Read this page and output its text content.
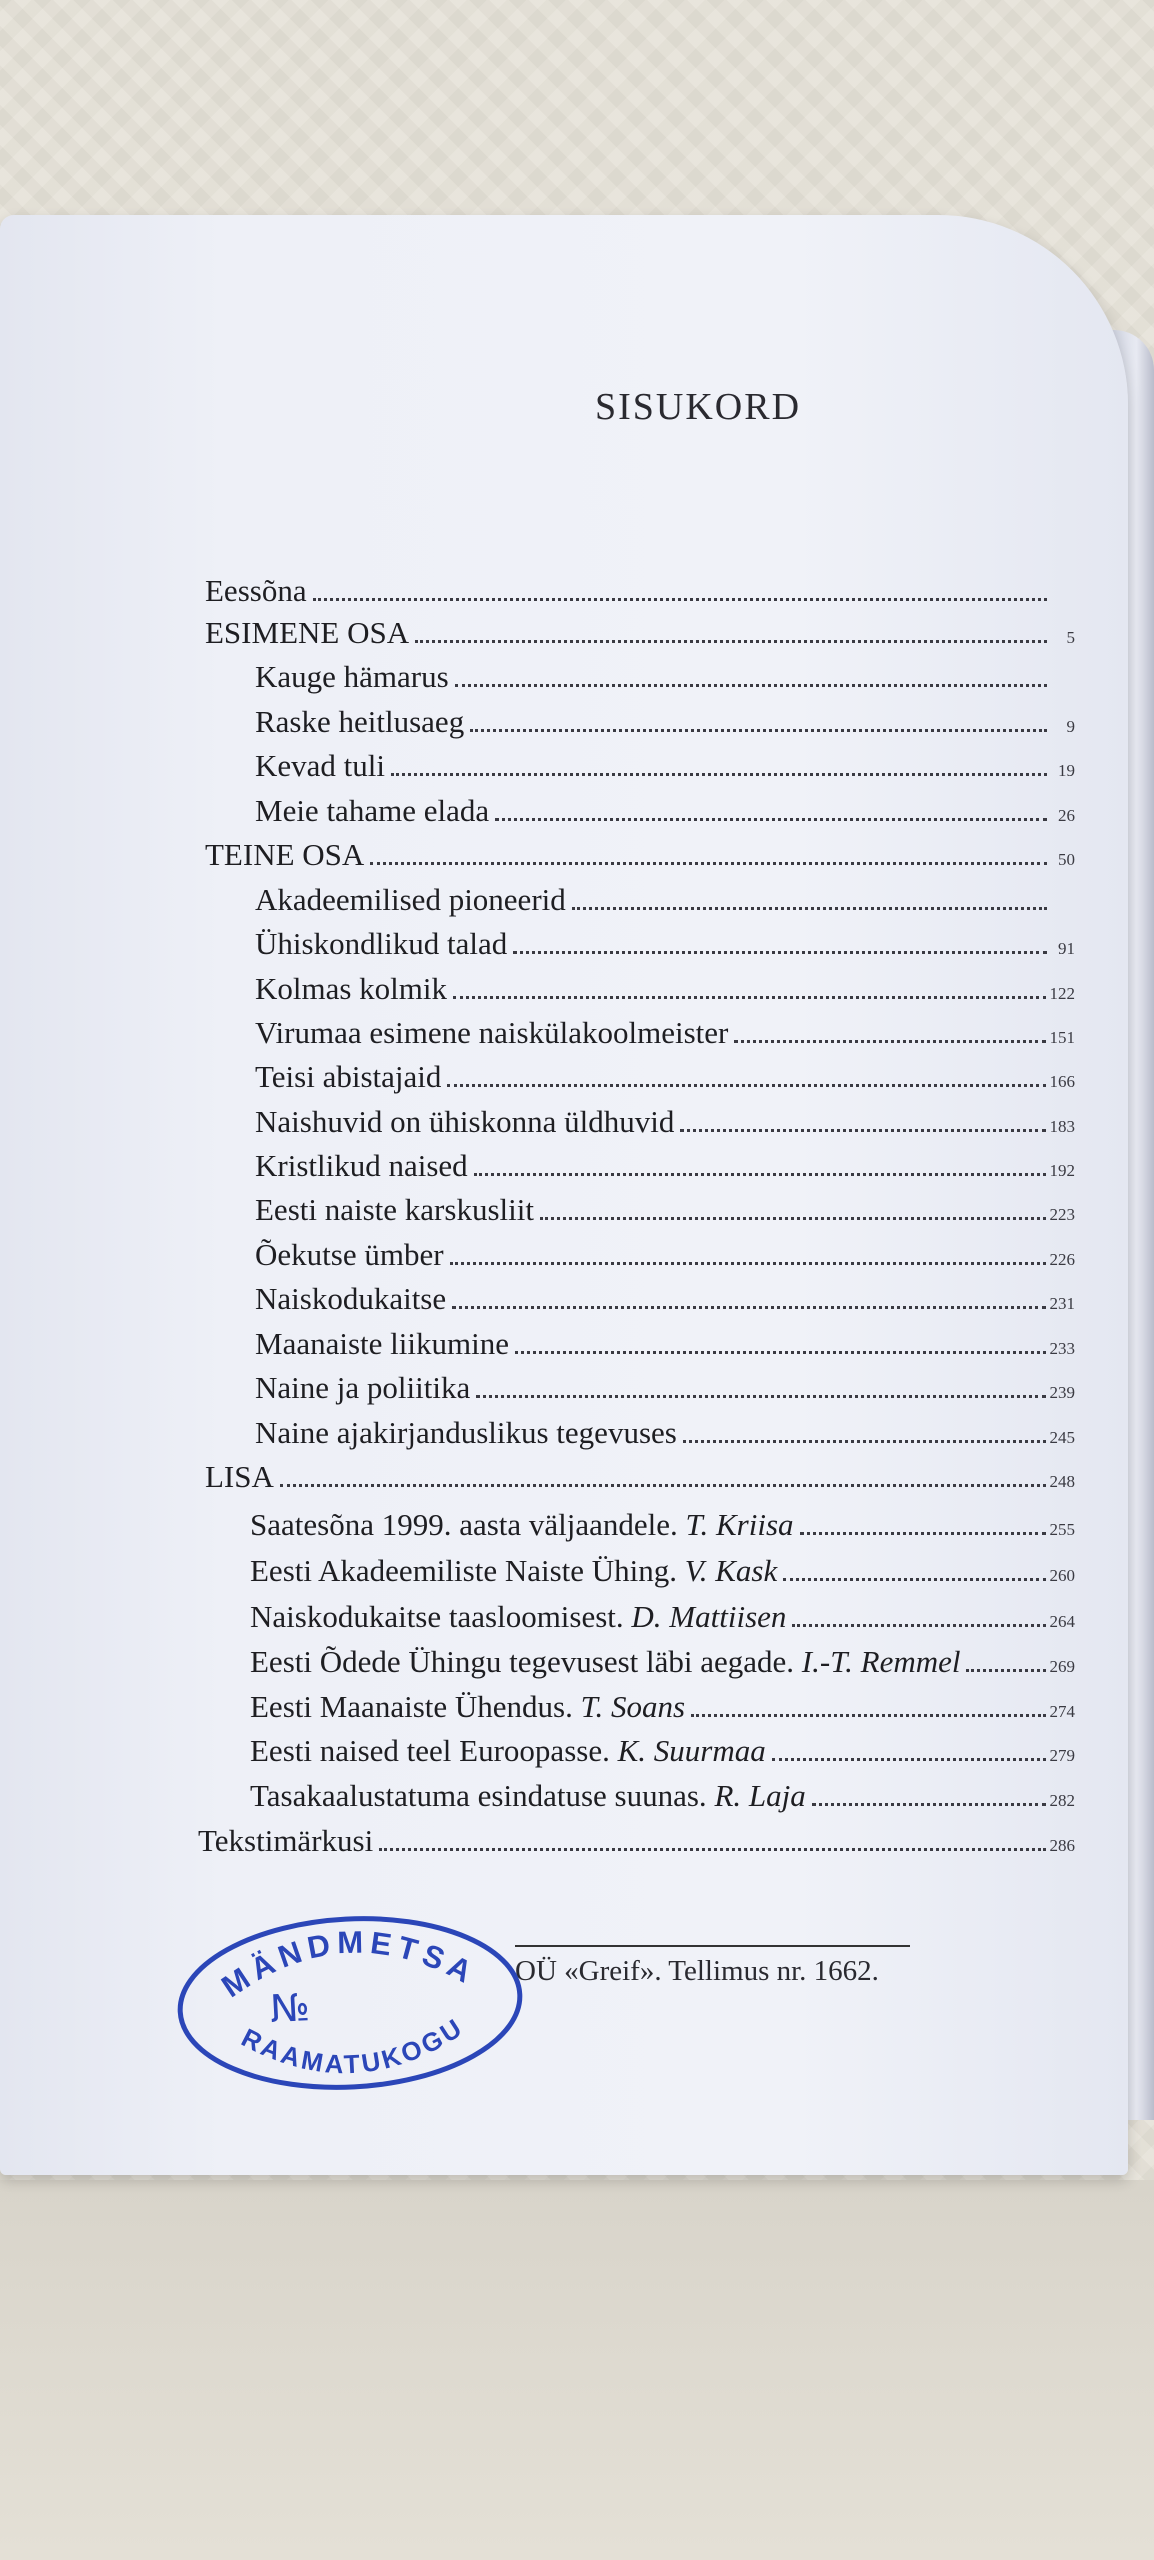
SISUKORD
Eessõna
ESIMENE OSA	5
Kauge hämarus
Raske heitlusaeg	9
Kevad tuli	19
Meie tahame elada	26
TEINE OSA	50
Akadeemilised pioneerid
Ühiskondlikud talad	91
Kolmas kolmik	122
Virumaa esimene naiskülakoolmeister	151
Teisi abistajaid	166
Naishuvid on ühiskonna üldhuvid	183
Kristlikud naised	192
Eesti naiste karskusliit	223
Õekutse ümber	226
Naiskodukaitse	231
Maanaiste liikumine	233
Naine ja poliitika	239
Naine ajakirjanduslikus tegevuses	245
LISA	248
Saatesõna 1999. aasta väljaandele. T. Kriisa	255
Eesti Akadeemiliste Naiste Ühing. V. Kask	260
Naiskodukaitse taasloomisest. D. Mattiisen	264
Eesti Õdede Ühingu tegevusest läbi aegade. I.-T. Remmel	269
Eesti Maanaiste Ühendus. T. Soans	274
Eesti naised teel Euroopasse. K. Suurmaa	279
Tasakaalustatuma esindatuse suunas. R. Laja	282
Tekstimärkusi	286
OÜ «Greif». Tellimus nr. 1662.
MÄNDMETSA
№
RAAMATUKOGU
